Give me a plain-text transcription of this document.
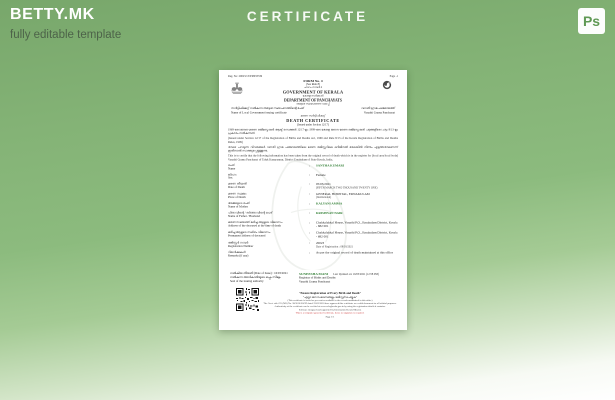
BETTY.MK
fully editable template
CERTIFICATE	Ps
Reg. No: 20023/13/038033339	Page -1
FORM No. 4
(See Rule 8)
ഫാറം നമ്പർ 4
GOVERNMENT OF KERALA
കേരള സർക്കാർ
DEPARTMENT OF PANCHAYATS
തദ്ദേശ സ്വയംഭരണ വകുപ്പ്
സർട്ടിഫിക്കറ്റ് നൽകുന്ന തദ്ദേശ സ്ഥാപനത്തിന്റെ പേര്	വനതി ഗ്രാമ പഞ്ചായത്ത്
Name of Local Government issuing certificate	Vanathi Grama Panchayat
മരണ സർട്ടിഫിക്കറ്റ്
DEATH CERTIFICATE
(Issued under Section 12/17)
1969-ലെ ജനന-മരണ രജിസ്ട്രേഷൻ ആക്ട് സെക്ഷൻ 12/17-ഉം 1999-ലെ കേരള ജനന-മരണ രജിസ്ട്രേഷൻ ചട്ടങ്ങളിലെ ചട്ടം 8/13-ഉം പ്രകാരം നൽകുന്നത്.
(Issued under Section 12/17 of the Registration of Births and Deaths Act, 1969 and Rule 8/13 of the Kerala Registration of Births and Deaths Rules, 1999)
താഴെ പറയുന്ന വിവരങ്ങൾ വനതി ഗ്രാമ പഞ്ചായത്തിലെ മരണ രജിസ്റ്ററിലെ ഒറിജിനൽ രേഖയിൽ നിന്നും എടുത്തതാണെന്ന് ഇതിനാൽ സാക്ഷ്യപ്പെടുത്തുന്നു.
This is to certify that the following information has been taken from the original record of death which is in the register for (local area/local body) Vanathi Grama Panchayat of Taluk Kanayannur, District Ernakulam of State Kerala, India.
പേര്
Name
: SANTHA KUMARI
ലിംഗം
Sex
: Female
മരണ തീയതി
Date of Death
: 05/03/2021
(FIFTH MARCH TWO THOUSAND TWENTY ONE)
മരണ സ്ഥലം
Place of Death
: GENERAL HOSPITAL, ERNAKULAM
(Institutional)
അമ്മയുടെ പേര്
Name of Mother
: KALYANI AMMA
പിതാവിന്റെ / ഭർത്താവിന്റെ പേര്
Name of Father / Husband
: KRISHNAN NAIR
മരണസമയത്ത് മരിച്ച ആളുടെ വിലാസം
Address of the deceased at the time of death
: Chakkalakkal House, Vanathi P.O., Ernakulam District, Kerala - 682 001
മരിച്ച ആളുടെ സ്ഥിരം വിലാസം
Permanent address of deceased
: Chakkalakkal House, Vanathi P.O., Ernakulam District, Kerala - 682 001
രജിസ്റ്റർ നമ്പർ
Registration Number
: 20023
Date of Registration : 08/03/2021
റിമാർക്കുകൾ
Remarks (if any)
: As per the original record of death maintained at this office
നൽകിയ തീയതി (Date of Issue) : 16/03/2021
നൽകുന്ന അധികാരിയുടെ ഒപ്പും സീലും
Seal of the issuing authority
SUNEESHA MANI Last Updated on: 16/03/2021 (12:58 PM)
Registrar of Births and Deaths
Vanathi Grama Panchayat
"Ensure Registration of Every Birth and Death"
"എല്ലാ ജനന-മരണങ്ങളും രജിസ്റ്റർ ചെയ്യുക"
(This certificate is issued as per entries available in the records maintained in this office)
The Govt. vide GO (MS) No. 38/2010/LSGD dated 23/02/2010 have approved this certificate as a valid document for all official purposes.
Authenticity of the certificate can be verified at www.cr.lsgkerala.gov.in by using the registration details it contains.
Software designed and supported by Information Kerala Mission
This is a computer generated certificate, hence no signature is required.
Page 1/1
